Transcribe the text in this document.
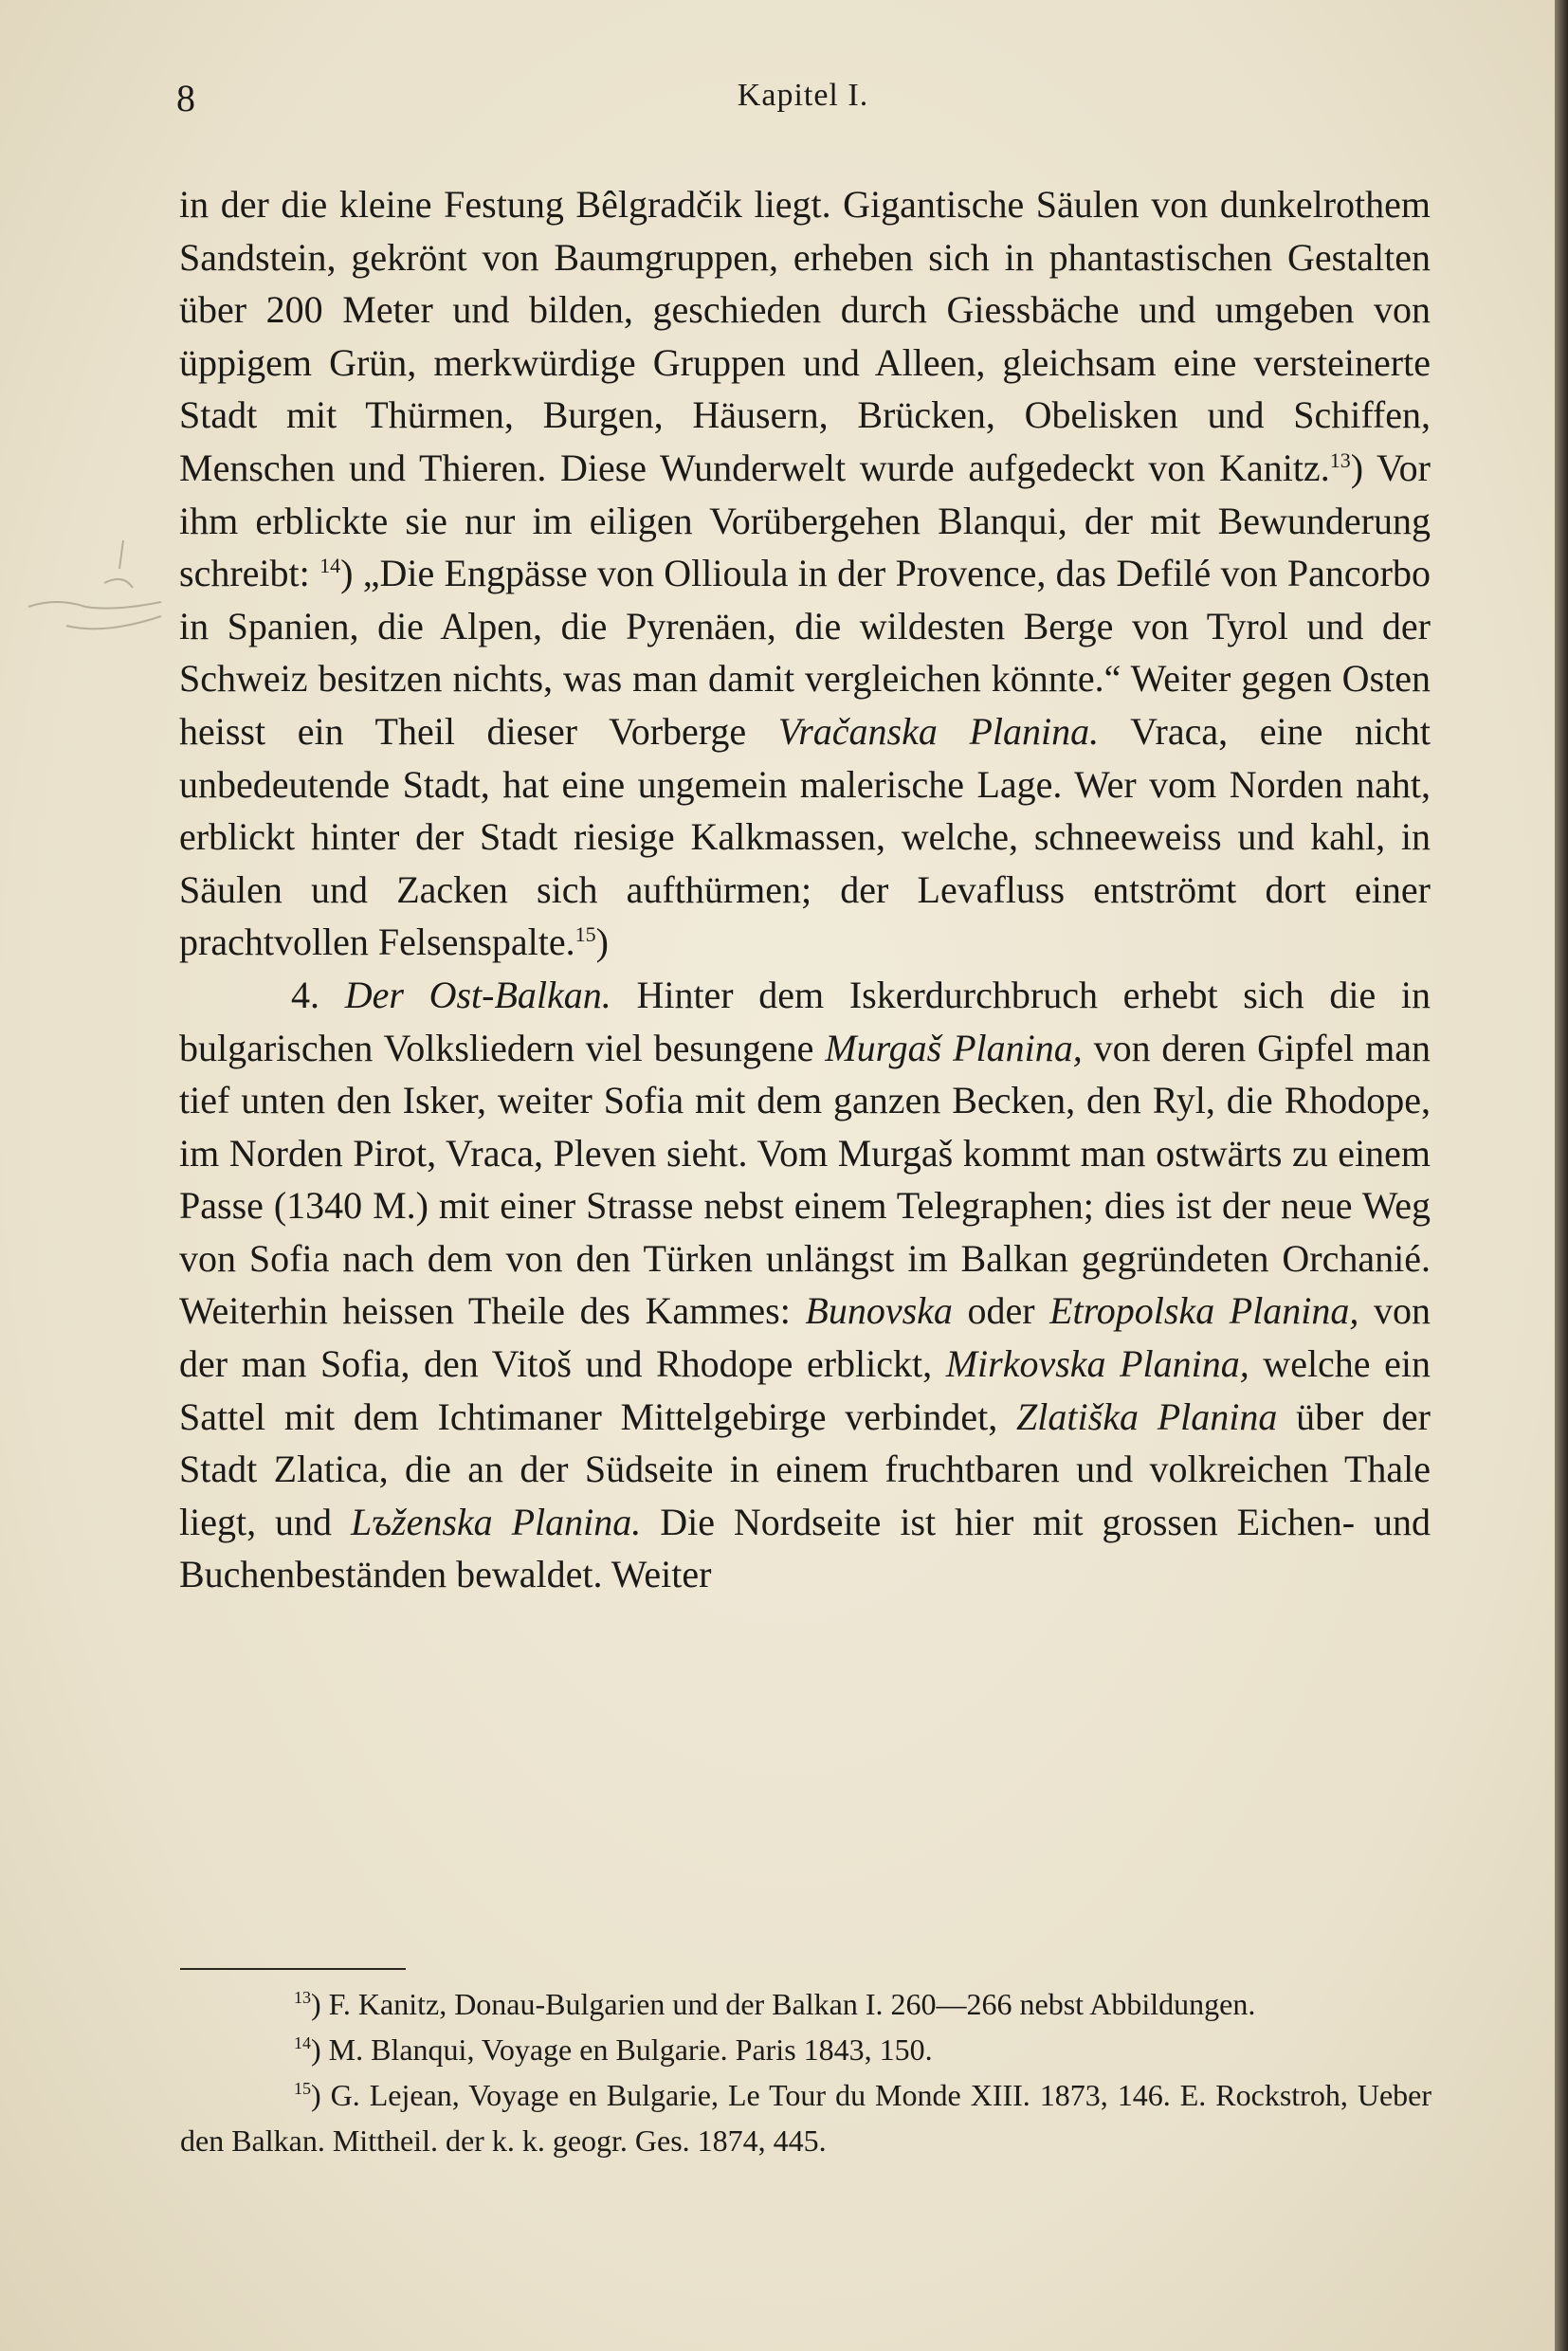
8	Kapitel I.

in der die kleine Festung Bêlgradčik liegt. Gigantische Säulen von dunkelrothem Sandstein, gekrönt von Baumgruppen, erheben sich in phantastischen Gestalten über 200 Meter und bilden, geschieden durch Giessbäche und umgeben von üppigem Grün, merkwürdige Gruppen und Alleen, gleichsam eine versteinerte Stadt mit Thürmen, Burgen, Häusern, Brücken, Obelisken und Schiffen, Menschen und Thieren. Diese Wunderwelt wurde aufgedeckt von Kanitz.$^{13}$) Vor ihm erblickte sie nur im eiligen Vorübergehen Blanqui, der mit Bewunderung schreibt: $^{14}$) „Die Engpässe von Ollioula in der Provence, das Defilé von Pancorbo in Spanien, die Alpen, die Pyrenäen, die wildesten Berge von Tyrol und der Schweiz besitzen nichts, was man damit vergleichen könnte.“ Weiter gegen Osten heisst ein Theil dieser Vorberge Vračanska Planina. Vraca, eine nicht unbedeutende Stadt, hat eine ungemein malerische Lage. Wer vom Norden naht, erblickt hinter der Stadt riesige Kalkmassen, welche, schneeweiss und kahl, in Säulen und Zacken sich aufthürmen; der Levafluss entströmt dort einer prachtvollen Felsenspalte.$^{15}$)

4. Der Ost-Balkan. Hinter dem Iskerdurchbruch erhebt sich die in bulgarischen Volksliedern viel besungene Murgaš Planina, von deren Gipfel man tief unten den Isker, weiter Sofia mit dem ganzen Becken, den Ryl, die Rhodope, im Norden Pirot, Vraca, Pleven sieht. Vom Murgaš kommt man ostwärts zu einem Passe (1340 M.) mit einer Strasse nebst einem Telegraphen; dies ist der neue Weg von Sofia nach dem von den Türken unlängst im Balkan gegründeten Orchanié. Weiterhin heissen Theile des Kammes: Bunovska oder Etropolska Planina, von der man Sofia, den Vitoš und Rhodope erblickt, Mirkovska Planina, welche ein Sattel mit dem Ichtimaner Mittelgebirge verbindet, Zlatiška Planina über der Stadt Zlatica, die an der Südseite in einem fruchtbaren und volkreichen Thale liegt, und Lъženska Planina. Die Nordseite ist hier mit grossen Eichen- und Buchenbeständen bewaldet. Weiter

$^{13}$) F. Kanitz, Donau-Bulgarien und der Balkan I. 260—266 nebst Abbildungen.

$^{14}$) M. Blanqui, Voyage en Bulgarie. Paris 1843, 150.

$^{15}$) G. Lejean, Voyage en Bulgarie, Le Tour du Monde XIII. 1873, 146. E. Rockstroh, Ueber den Balkan. Mittheil. der k. k. geogr. Ges. 1874, 445.
